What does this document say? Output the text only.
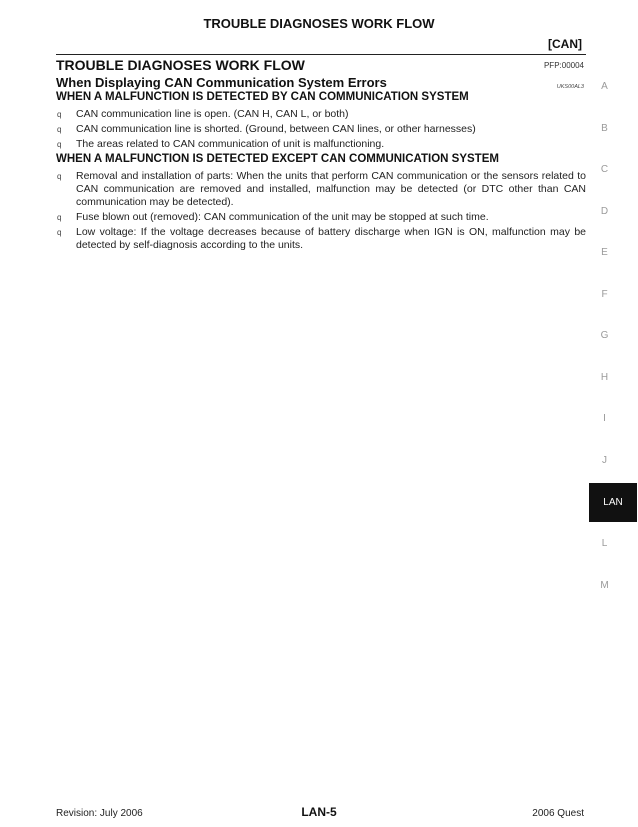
TROUBLE DIAGNOSES WORK FLOW
[CAN]
TROUBLE DIAGNOSES WORK FLOW	PFP:00004
When Displaying CAN Communication System Errors	UKS00AL3
WHEN A MALFUNCTION IS DETECTED BY CAN COMMUNICATION SYSTEM
q CAN communication line is open. (CAN H, CAN L, or both)
q CAN communication line is shorted. (Ground, between CAN lines, or other harnesses)
q The areas related to CAN communication of unit is malfunctioning.
WHEN A MALFUNCTION IS DETECTED EXCEPT CAN COMMUNICATION SYSTEM
q Removal and installation of parts: When the units that perform CAN communication or the sensors related to CAN communication are removed and installed, malfunction may be detected (or DTC other than CAN communication may be detected).
q Fuse blown out (removed): CAN communication of the unit may be stopped at such time.
q Low voltage: If the voltage decreases because of battery discharge when IGN is ON, malfunction may be detected by self-diagnosis according to the units.
A
B
C
D
E
F
G
H
I
J
LAN
L
M
Revision: July 2006	LAN-5	2006 Quest
